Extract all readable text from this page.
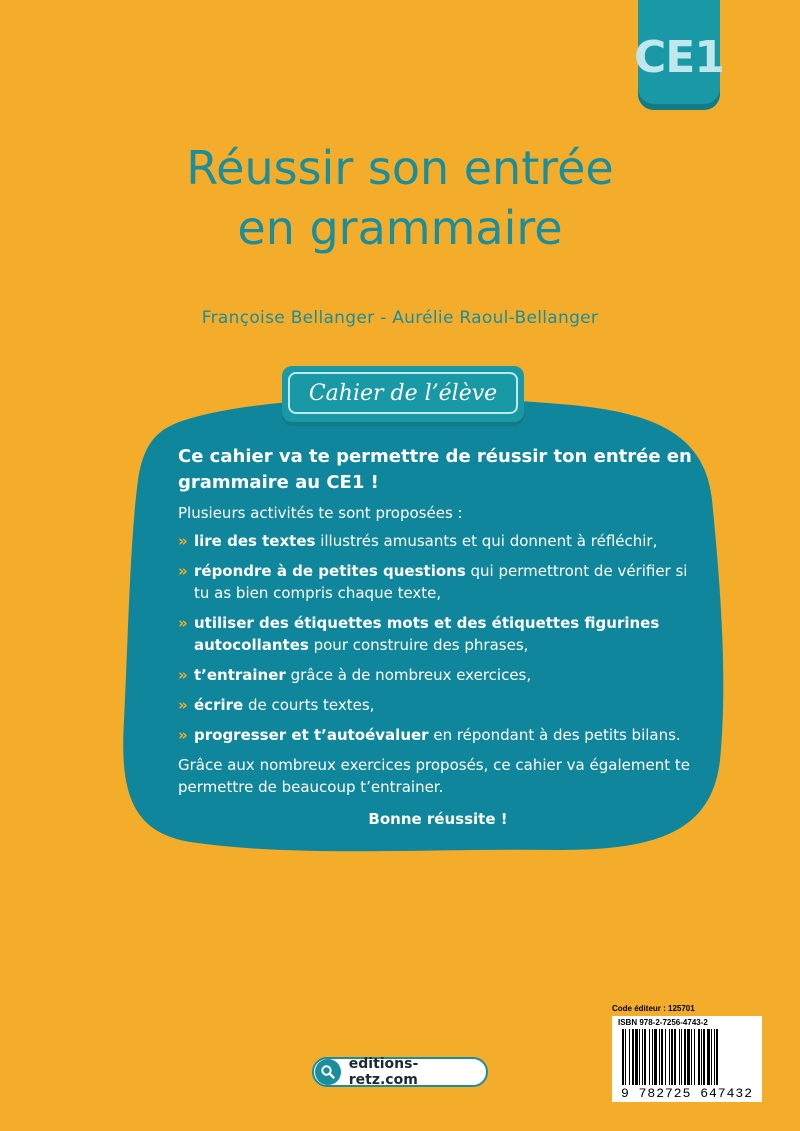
CE1
Réussir son entrée
en grammaire
Françoise Bellanger - Aurélie Raoul-Bellanger
Cahier de l’élève

Ce cahier va te permettre de réussir ton entrée en grammaire au CE1 !

Plusieurs activités te sont proposées :

» lire des textes illustrés amusants et qui donnent à réfléchir,
» répondre à de petites questions qui permettront de vérifier si tu as bien compris chaque texte,
» utiliser des étiquettes mots et des étiquettes figurines autocollantes pour construire des phrases,
» t’entrainer grâce à de nombreux exercices,
» écrire de courts textes,
» progresser et t’autoévaluer en répondant à des petits bilans.

Grâce aux nombreux exercices proposés, ce cahier va également te permettre de beaucoup t’entrainer.

Bonne réussite !
Code éditeur : 125701
ISBN 978-2-7256-4743-2
9 782725 647432
editions-retz.com
